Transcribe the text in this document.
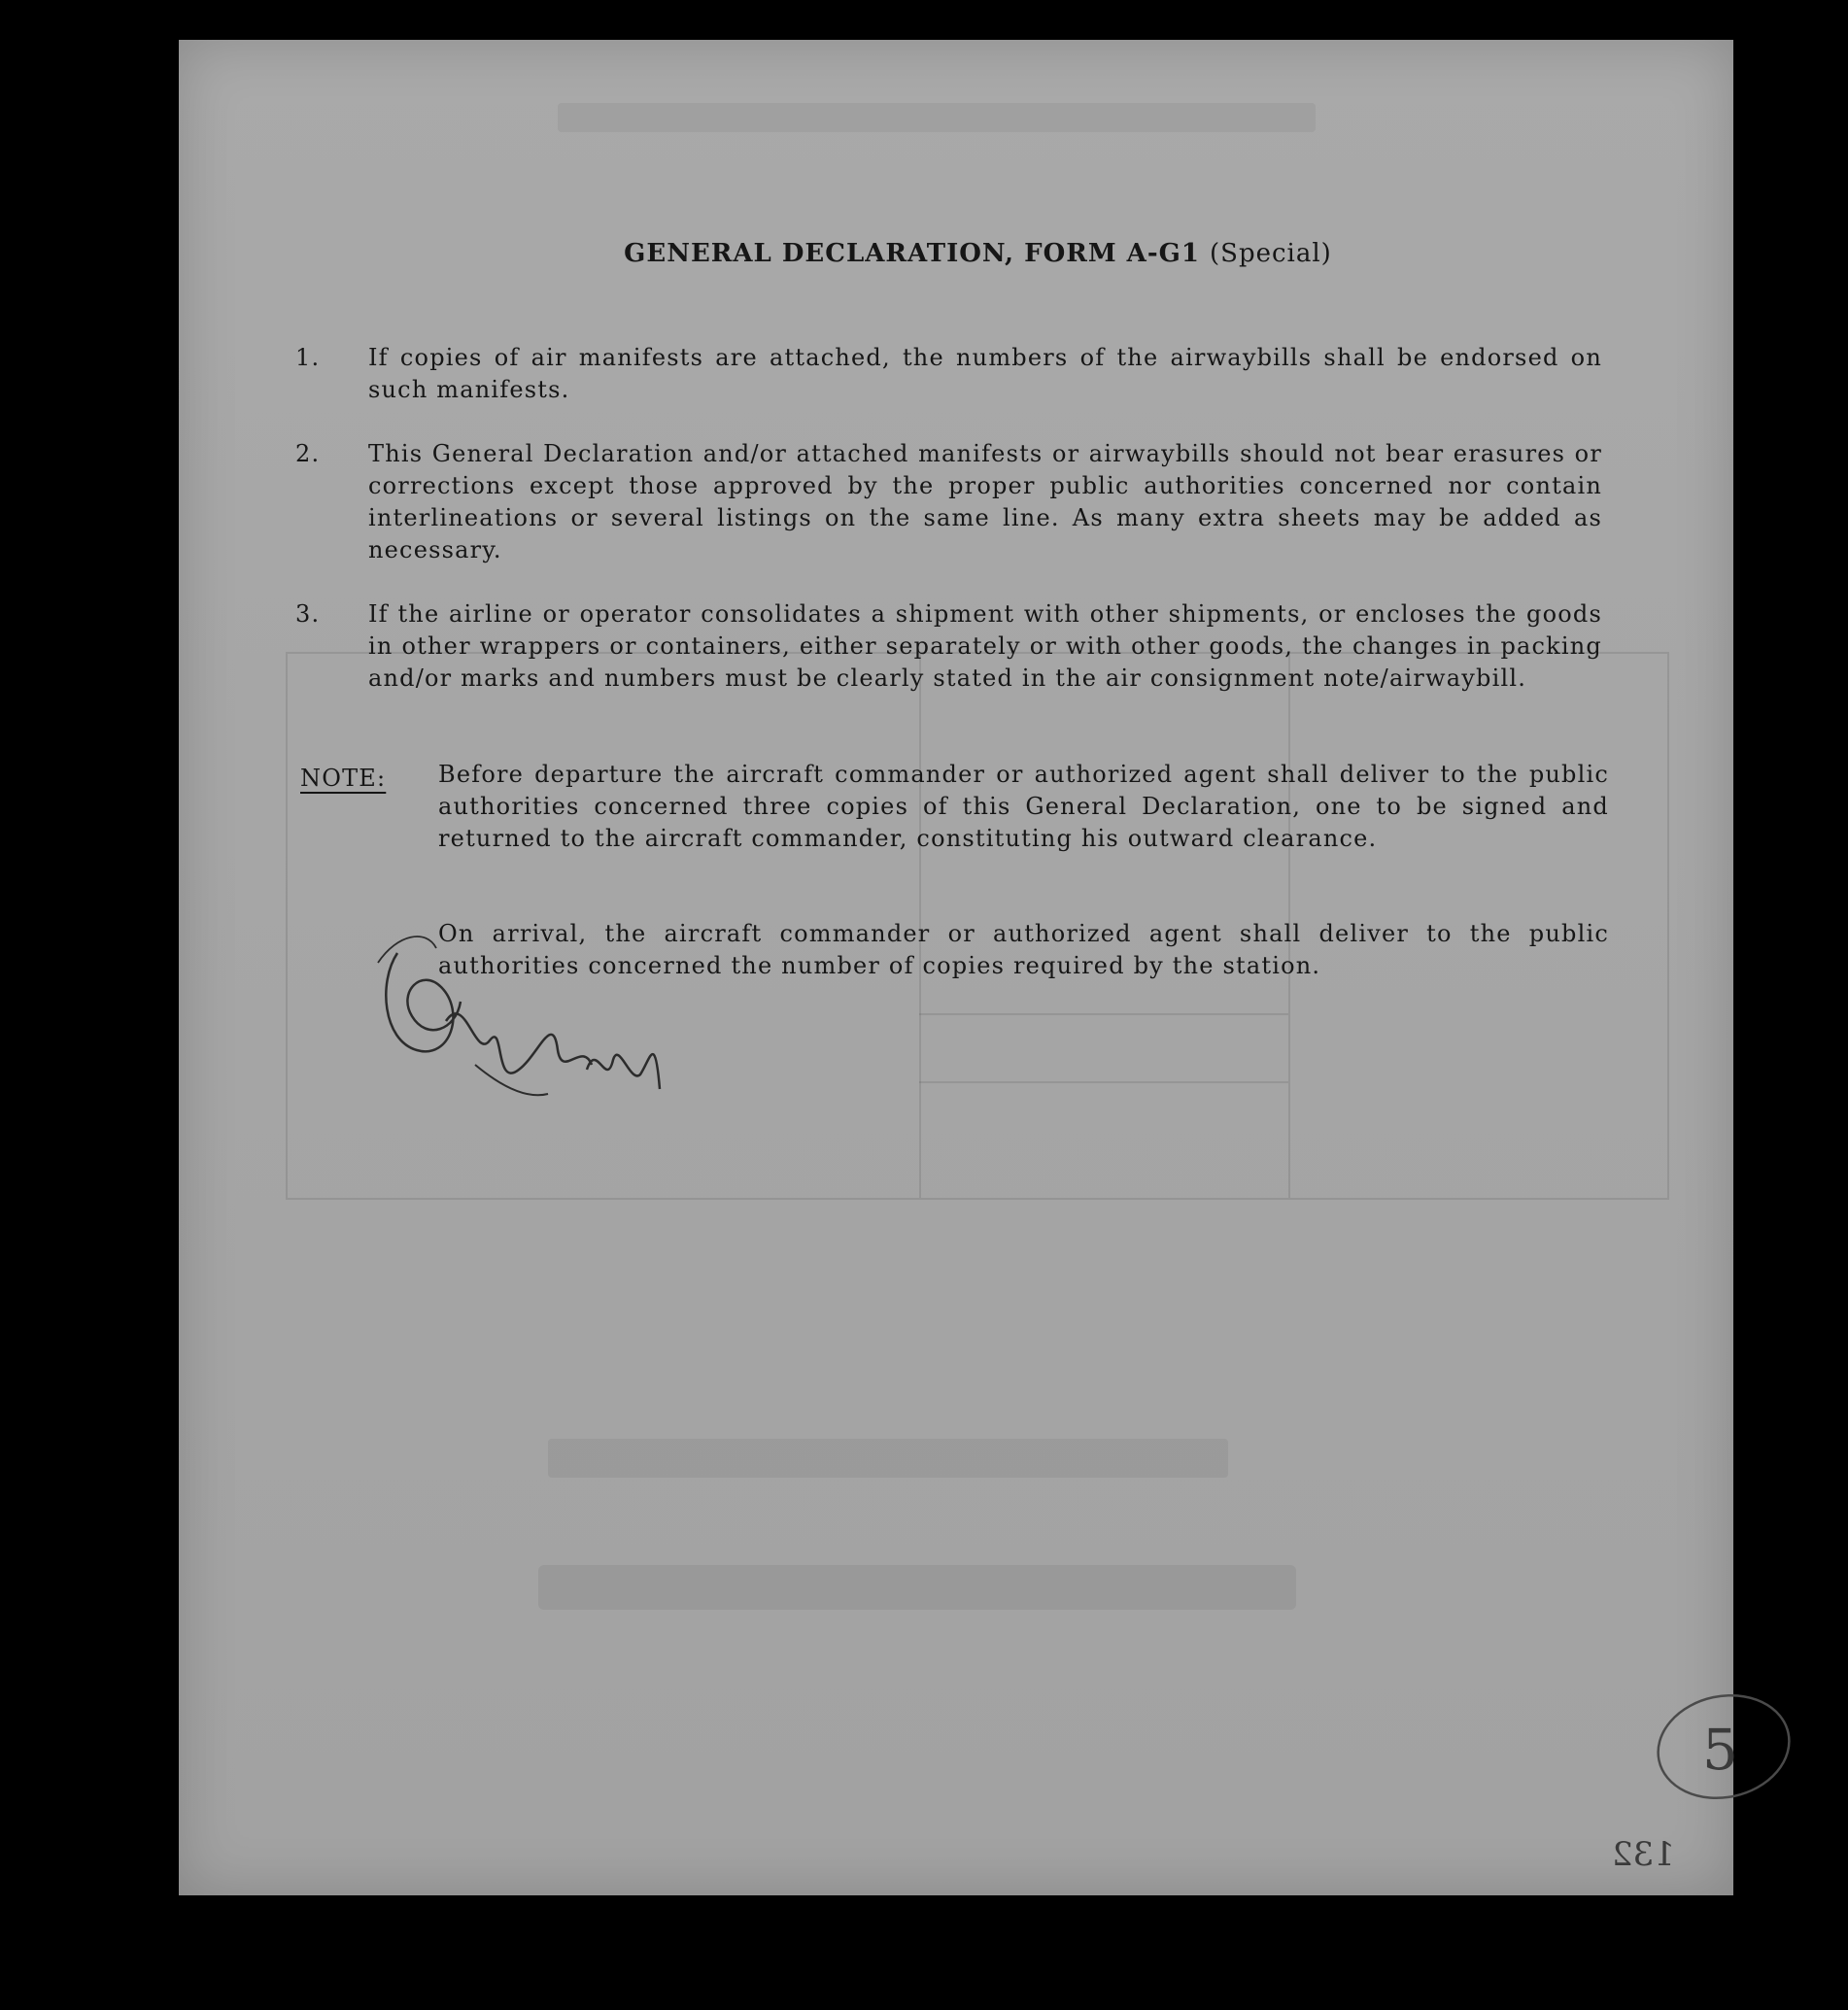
GENERAL DECLARATION, FORM A-G1 (Special)
1.	If copies of air manifests are attached, the numbers of the airwaybills shall be endorsed on such manifests.
2.	This General Declaration and/or attached manifests or airwaybills should not bear erasures or corrections except those approved by the proper public authorities concerned nor contain interlineations or several listings on the same line. As many extra sheets may be added as necessary.
3.	If the airline or operator consolidates a shipment with other shipments, or encloses the goods in other wrappers or containers, either separately or with other goods, the changes in packing and/or marks and numbers must be clearly stated in the air consignment note/airwaybill.
NOTE: Before departure the aircraft commander or authorized agent shall deliver to the public authorities concerned three copies of this General Declaration, one to be signed and returned to the aircraft commander, constituting his outward clearance.
On arrival, the aircraft commander or authorized agent shall deliver to the public authorities concerned the number of copies required by the station.
5
132
